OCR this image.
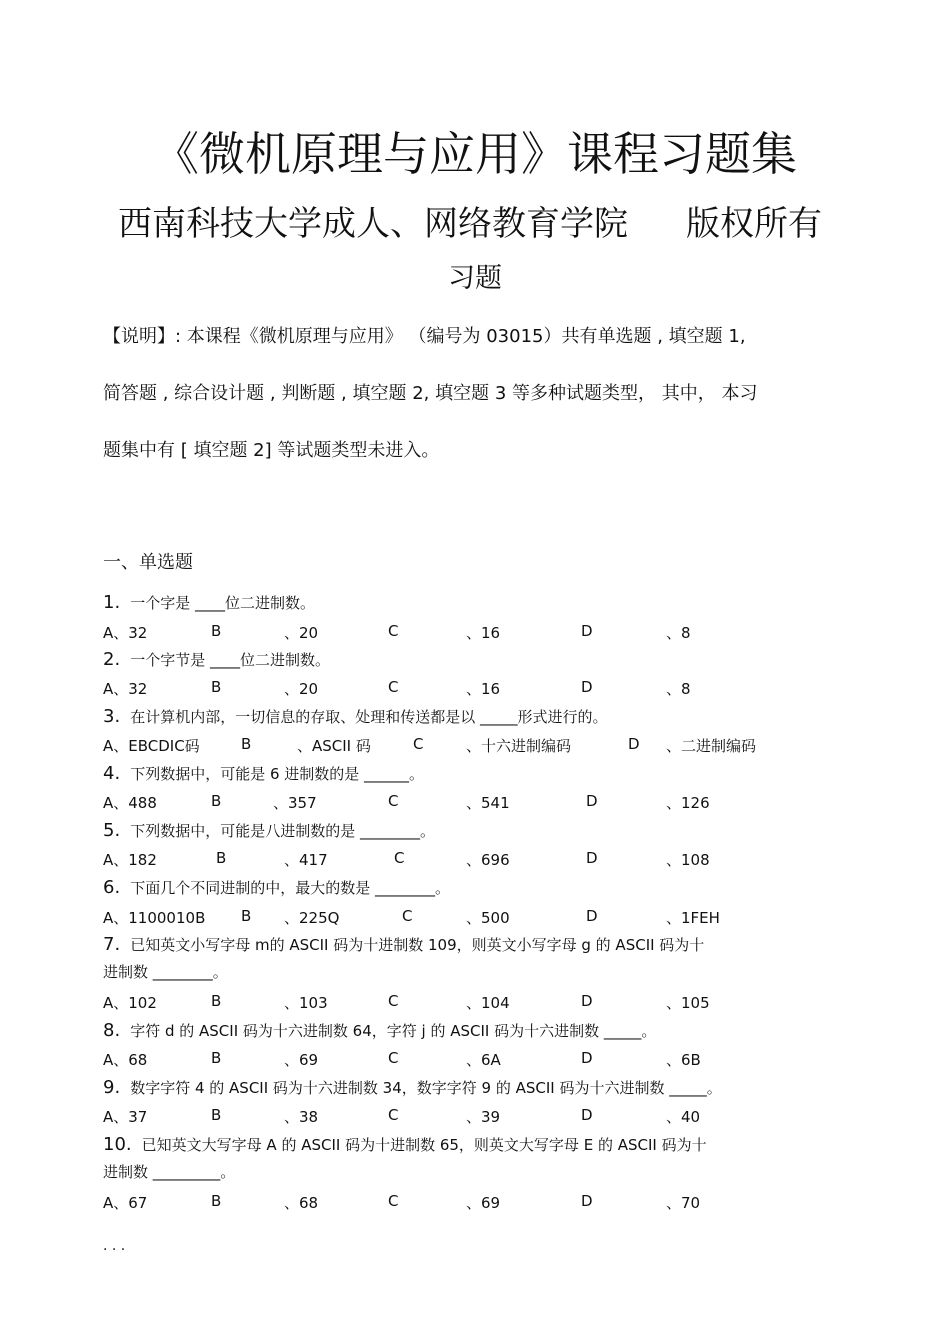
《微机原理与应用》课程习题集
西南科技大学成人、网络教育学院 版权所有
习题
【说明】: 本课程《微机原理与应用》 （编号为 03015）共有单选题 , 填空题 1,
简答题 , 综合设计题 , 判断题 , 填空题 2, 填空题 3 等多种试题类型， 其中， 本习
题集中有 [ 填空题 2] 等试题类型未进入。
一、单选题
1. 一个字是 ____位二进制数。
A、32	B	、20	C	、16	D	、8
2. 一个字节是 ____位二进制数。
A、32	B	、20	C	、16	D	、8
3. 在计算机内部，一切信息的存取、处理和传送都是以 _____形式进行的。
A、EBCDIC码	B	、ASCII 码	C	、十六进制编码	D 、二进制编码
4. 下列数据中，可能是 6 进制数的是 ______。
A、488	B	、357	C	、541	D	、126
5. 下列数据中，可能是八进制数的是 ________。
A、182	B	、417	C	、696	D	、108
6. 下面几个不同进制的中，最大的数是 ________。
A、1100010B B 、225Q	C	、500	D	、1FEH
7. 已知英文小写字母 m的 ASCII 码为十进制数 109，则英文小写字母 g 的 ASCII 码为十
进制数 ________。
A、102	B	、103	C	、104	D	、105
8. 字符 d 的 ASCII 码为十六进制数 64，字符 j 的 ASCII 码为十六进制数 _____。
A、68	B	、69	C	、6A	D	、6B
9. 数字字符 4 的 ASCII 码为十六进制数 34，数字字符 9 的 ASCII 码为十六进制数 _____。
A、37	B	、38	C	、39	D	、40
10. 已知英文大写字母 A 的 ASCII 码为十进制数 65，则英文大写字母 E 的 ASCII 码为十
进制数 _________。
A、67	B	、68	C	、69	D	、70
. . .
